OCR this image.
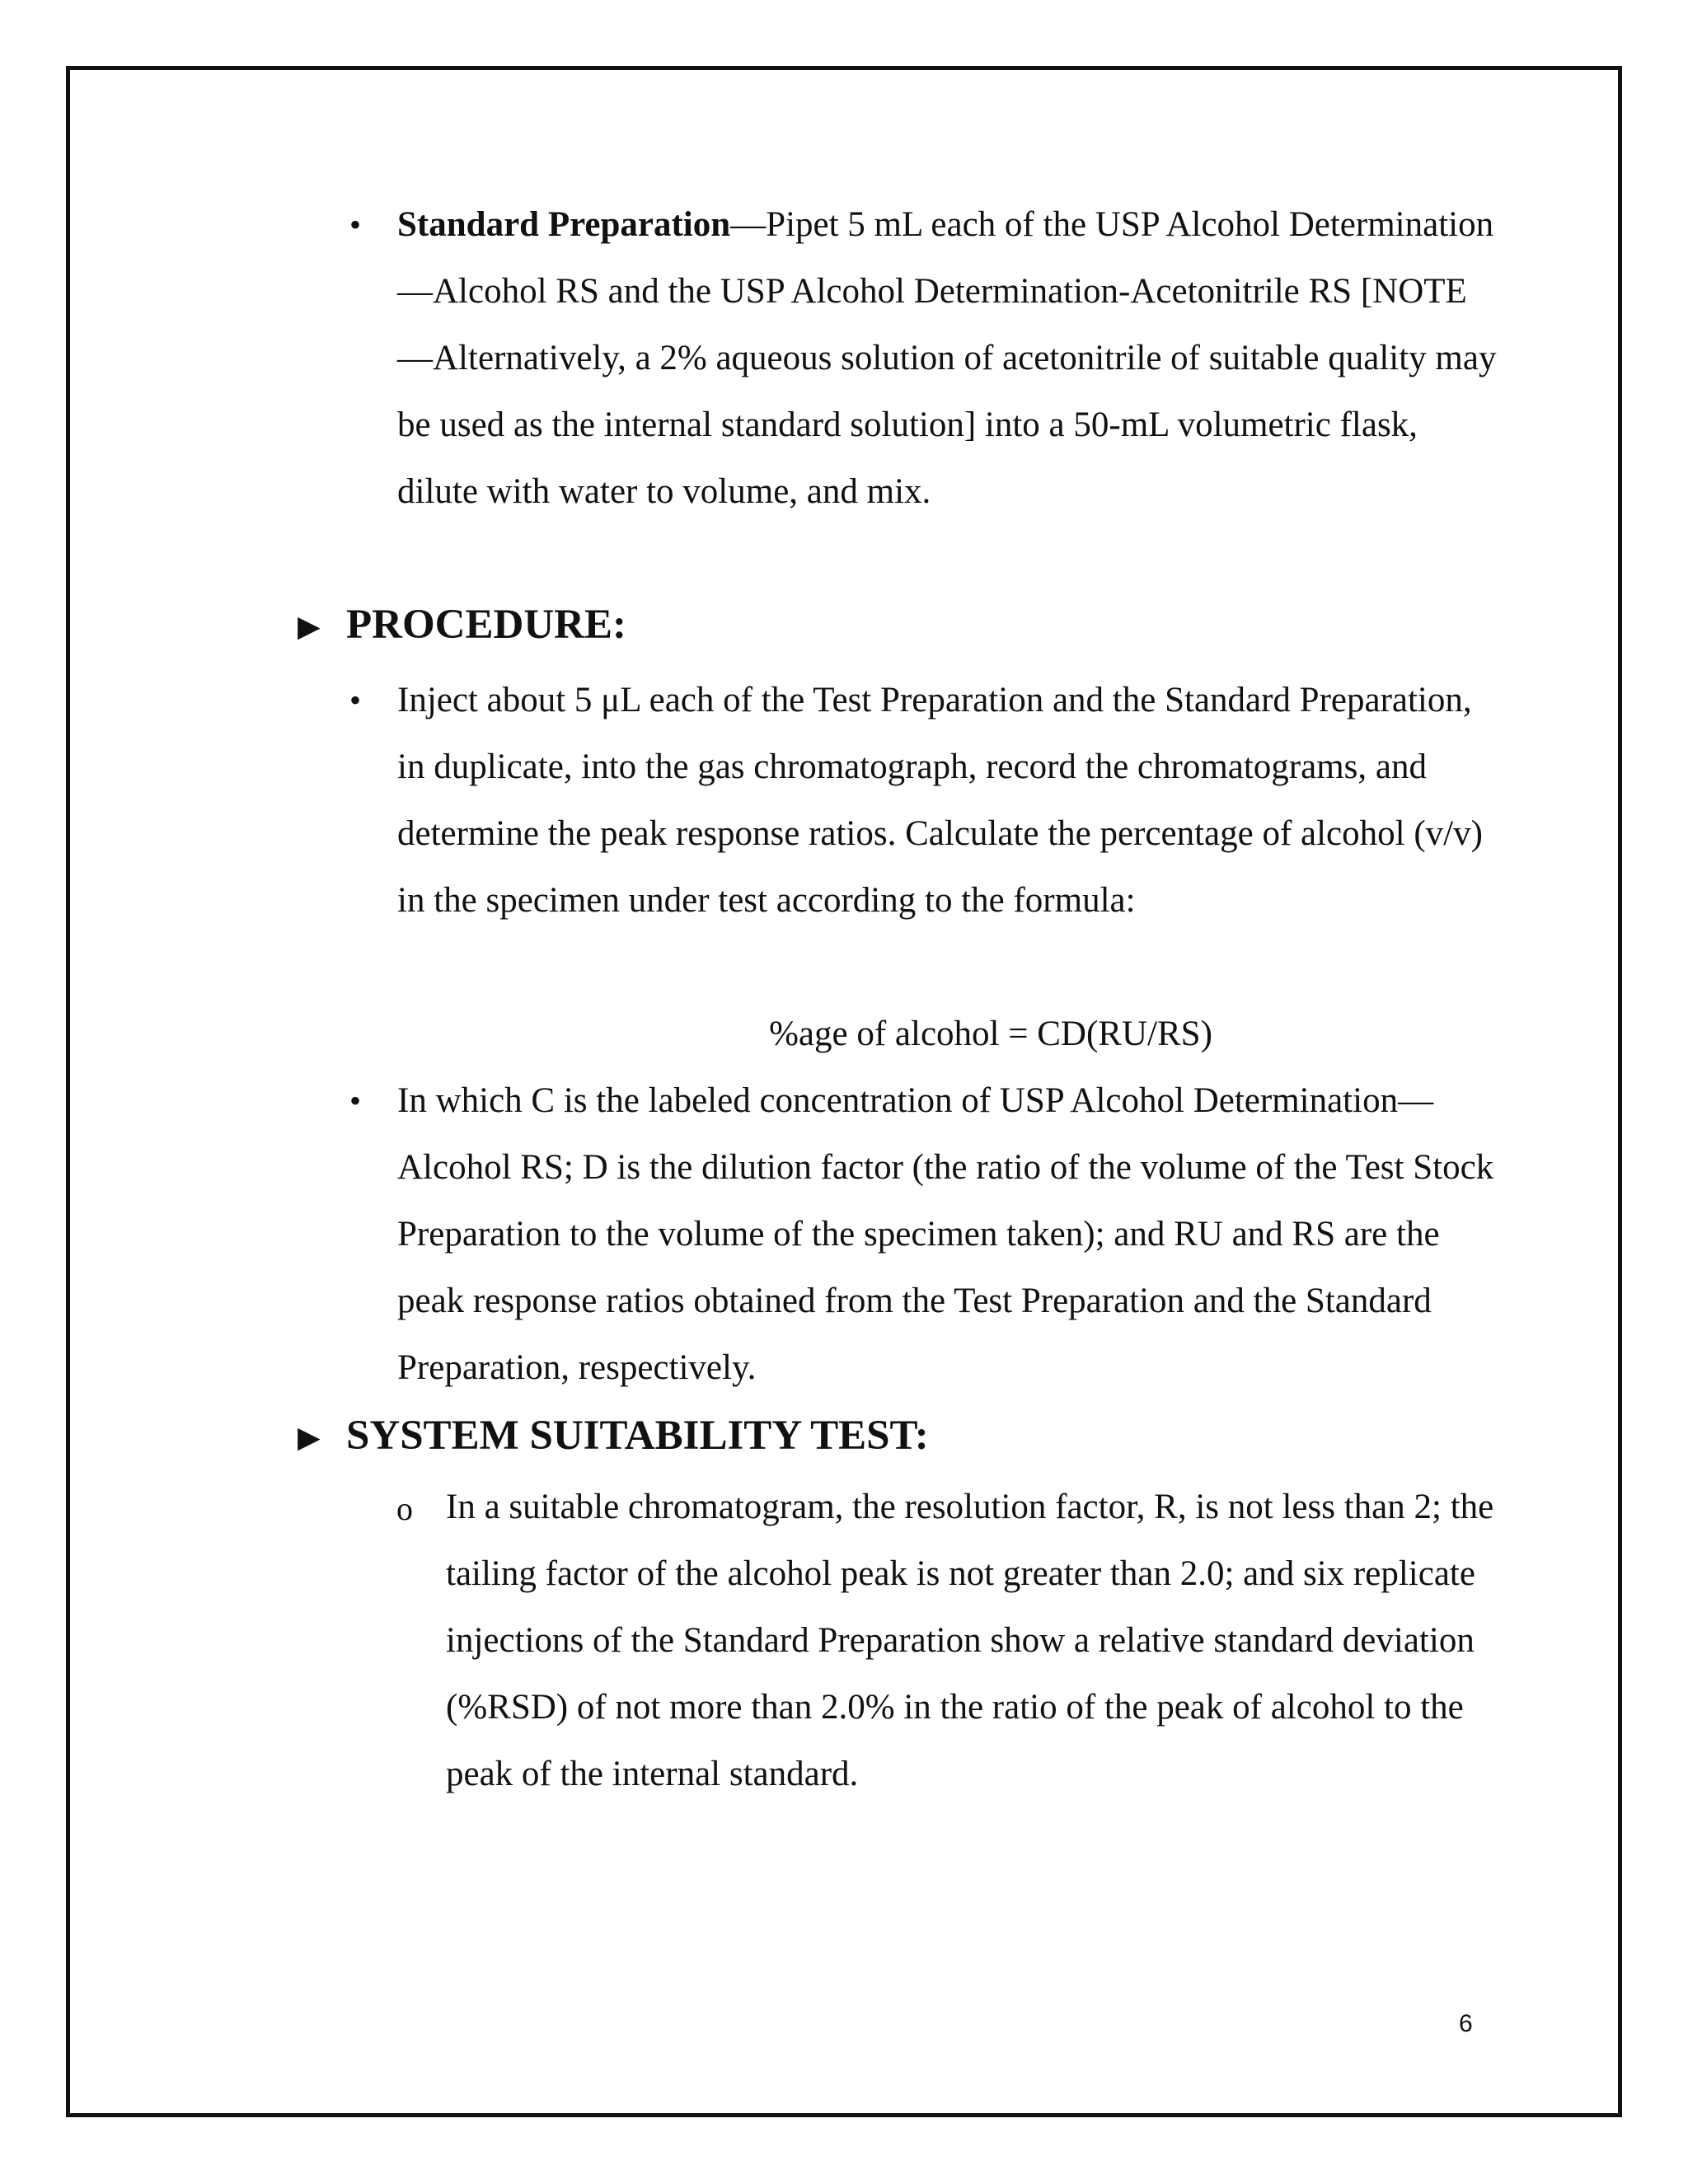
• Standard Preparation—Pipet 5 mL each of the USP Alcohol Determination—Alcohol RS and the USP Alcohol Determination-Acetonitrile RS [NOTE—Alternatively, a 2% aqueous solution of acetonitrile of suitable quality may be used as the internal standard solution] into a 50-mL volumetric flask, dilute with water to volume, and mix.
▶ PROCEDURE:
• Inject about 5 μL each of the Test Preparation and the Standard Preparation, in duplicate, into the gas chromatograph, record the chromatograms, and determine the peak response ratios. Calculate the percentage of alcohol (v/v) in the specimen under test according to the formula:
%age of alcohol = CD(RU/RS)
• In which C is the labeled concentration of USP Alcohol Determination—Alcohol RS; D is the dilution factor (the ratio of the volume of the Test Stock Preparation to the volume of the specimen taken); and RU and RS are the peak response ratios obtained from the Test Preparation and the Standard Preparation, respectively.
▶ SYSTEM SUITABILITY TEST:
o In a suitable chromatogram, the resolution factor, R, is not less than 2; the tailing factor of the alcohol peak is not greater than 2.0; and six replicate injections of the Standard Preparation show a relative standard deviation (%RSD) of not more than 2.0% in the ratio of the peak of alcohol to the peak of the internal standard.
6
